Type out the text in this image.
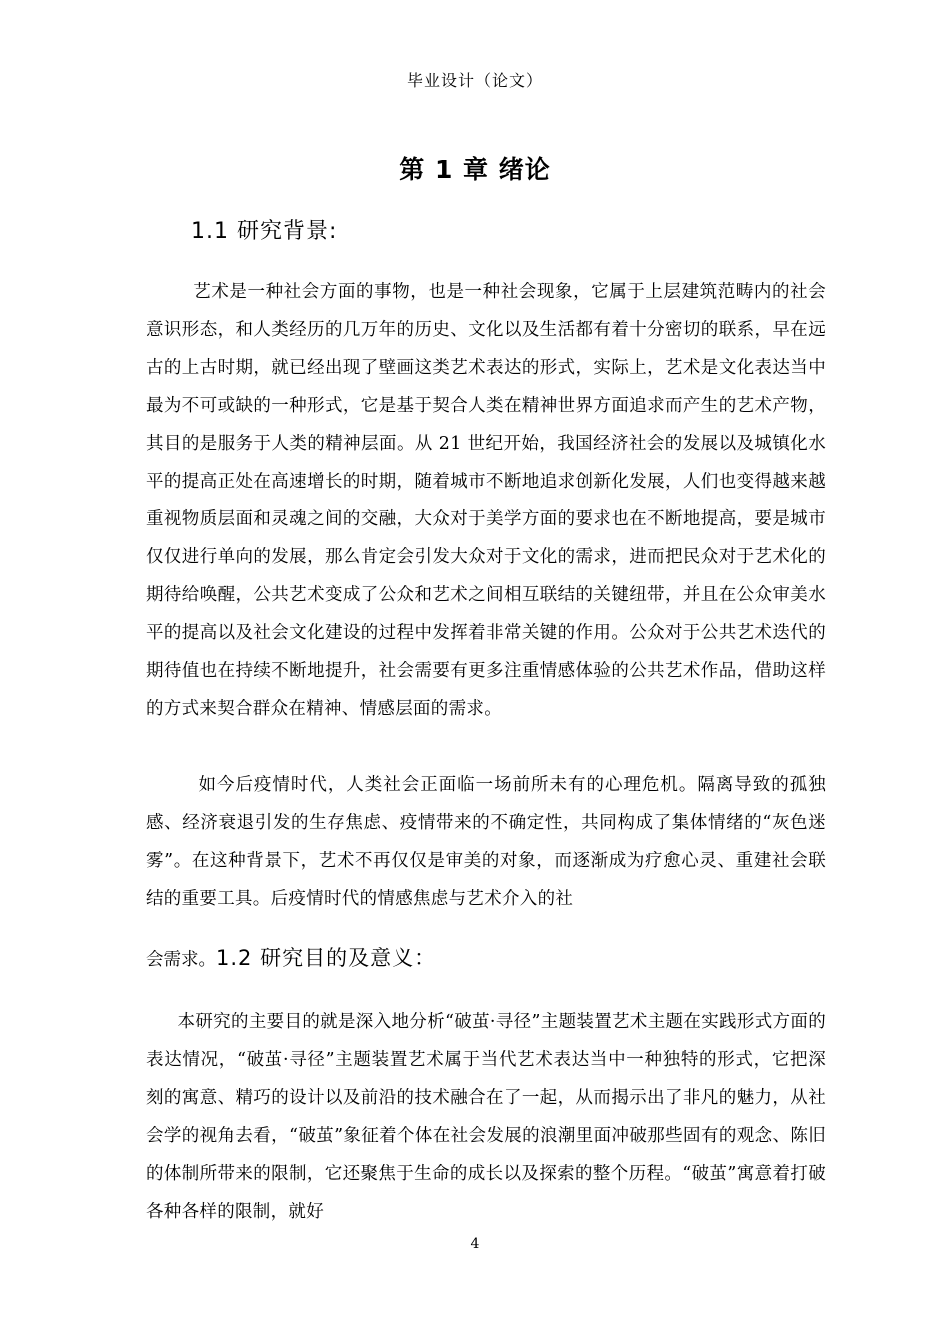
毕业设计（论文）
第 1 章 绪论
1.1 研究背景:

艺术是一种社会方面的事物，也是一种社会现象，它属于上层建筑范畴内的社会意识形态，和人类经历的几万年的历史、文化以及生活都有着十分密切的联系，早在远古的上古时期，就已经出现了壁画这类艺术表达的形式，实际上，艺术是文化表达当中最为不可或缺的一种形式，它是基于契合人类在精神世界方面追求而产生的艺术产物，其目的是服务于人类的精神层面。从 21 世纪开始，我国经济社会的发展以及城镇化水平的提高正处在高速增长的时期，随着城市不断地追求创新化发展，人们也变得越来越重视物质层面和灵魂之间的交融，大众对于美学方面的要求也在不断地提高，要是城市仅仅进行单向的发展，那么肯定会引发大众对于文化的需求，进而把民众对于艺术化的期待给唤醒，公共艺术变成了公众和艺术之间相互联结的关键纽带，并且在公众审美水平的提高以及社会文化建设的过程中发挥着非常关键的作用。公众对于公共艺术迭代的期待值也在持续不断地提升，社会需要有更多注重情感体验的公共艺术作品，借助这样的方式来契合群众在精神、情感层面的需求。

如今后疫情时代，人类社会正面临一场前所未有的心理危机。隔离导致的孤独感、经济衰退引发的生存焦虑、疫情带来的不确定性，共同构成了集体情绪的“灰色迷雾”。在这种背景下，艺术不再仅仅是审美的对象，而逐渐成为疗愈心灵、重建社会联结的重要工具。后疫情时代的情感焦虑与艺术介入的社

会需求。1.2 研究目的及意义：

本研究的主要目的就是深入地分析“破茧·寻径”主题装置艺术主题在实践形式方面的表达情况，“破茧·寻径”主题装置艺术属于当代艺术表达当中一种独特的形式，它把深刻的寓意、精巧的设计以及前沿的技术融合在了一起，从而揭示出了非凡的魅力，从社会学的视角去看，“破茧”象征着个体在社会发展的浪潮里面冲破那些固有的观念、陈旧的体制所带来的限制，它还聚焦于生命的成长以及探索的整个历程。“破茧”寓意着打破各种各样的限制，就好

4
